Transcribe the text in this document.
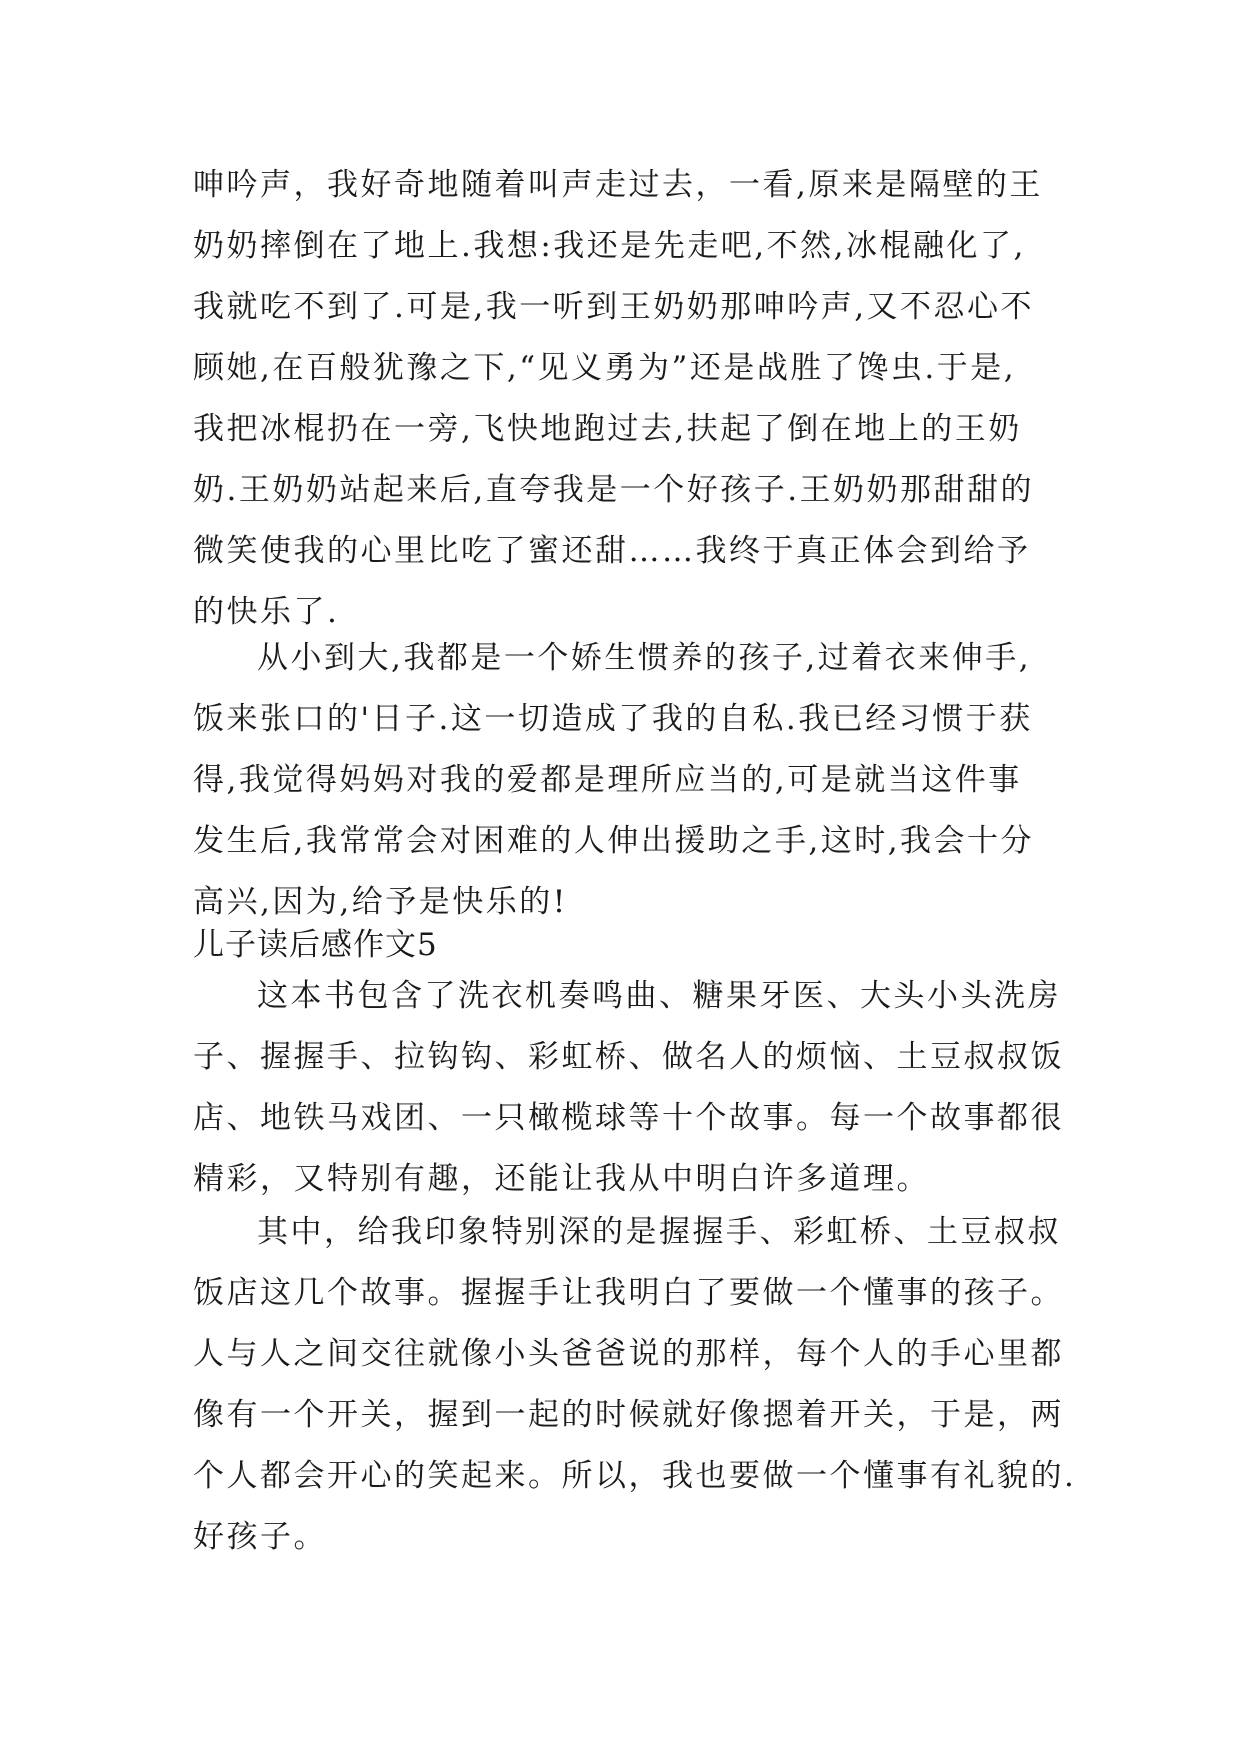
呻吟声，我好奇地随着叫声走过去，一看,原来是隔壁的王
奶奶摔倒在了地上.我想:我还是先走吧,不然,冰棍融化了,
我就吃不到了.可是,我一听到王奶奶那呻吟声,又不忍心不
顾她,在百般犹豫之下,“见义勇为”还是战胜了馋虫.于是,
我把冰棍扔在一旁,飞快地跑过去,扶起了倒在地上的王奶
奶.王奶奶站起来后,直夸我是一个好孩子.王奶奶那甜甜的
微笑使我的心里比吃了蜜还甜……我终于真正体会到给予
的快乐了.
从小到大,我都是一个娇生惯养的孩子,过着衣来伸手,
饭来张口的'日子.这一切造成了我的自私.我已经习惯于获
得,我觉得妈妈对我的爱都是理所应当的,可是就当这件事
发生后,我常常会对困难的人伸出援助之手,这时,我会十分
高兴,因为,给予是快乐的!
儿子读后感作文5
这本书包含了洗衣机奏鸣曲、糖果牙医、大头小头洗房
子、握握手、拉钩钩、彩虹桥、做名人的烦恼、土豆叔叔饭
店、地铁马戏团、一只橄榄球等十个故事。每一个故事都很
精彩，又特别有趣，还能让我从中明白许多道理。
其中，给我印象特别深的是握握手、彩虹桥、土豆叔叔
饭店这几个故事。握握手让我明白了要做一个懂事的孩子。
人与人之间交往就像小头爸爸说的那样，每个人的手心里都
像有一个开关，握到一起的时候就好像摁着开关，于是，两
个人都会开心的笑起来。所以，我也要做一个懂事有礼貌的.
好孩子。
